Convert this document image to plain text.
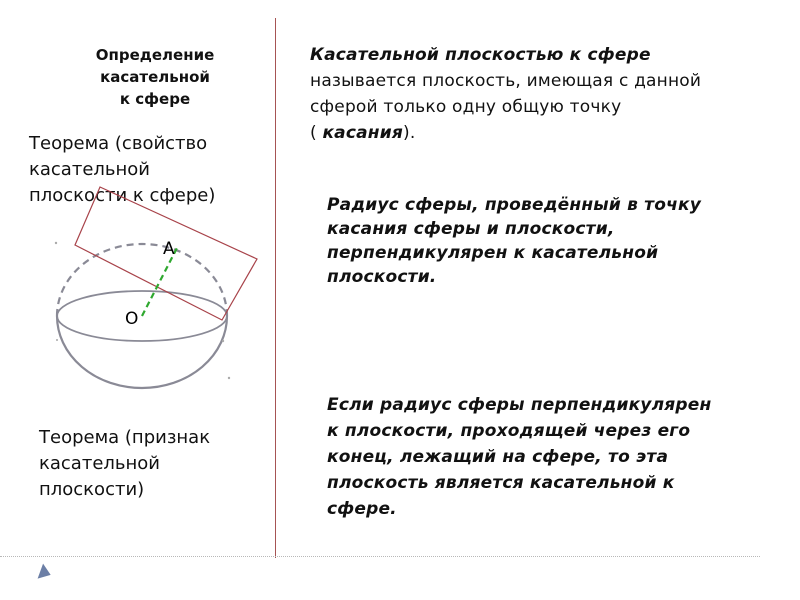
Определение
касательной
к сфере
Теорема (свойство
касательной
плоскости к сфере)
Теорема (признак
касательной
плоскости)
Касательной плоскостью к сфере
называется плоскость, имеющая с данной
сферой только одну общую точку
( касания).
Радиус сферы, проведённый в точку
касания сферы и плоскости,
перпендикулярен к касательной
плоскости.
Если радиус сферы перпендикулярен
к плоскости, проходящей через его
конец, лежащий на сфере, то эта
плоскость является касательной к
сфере.
А
О
